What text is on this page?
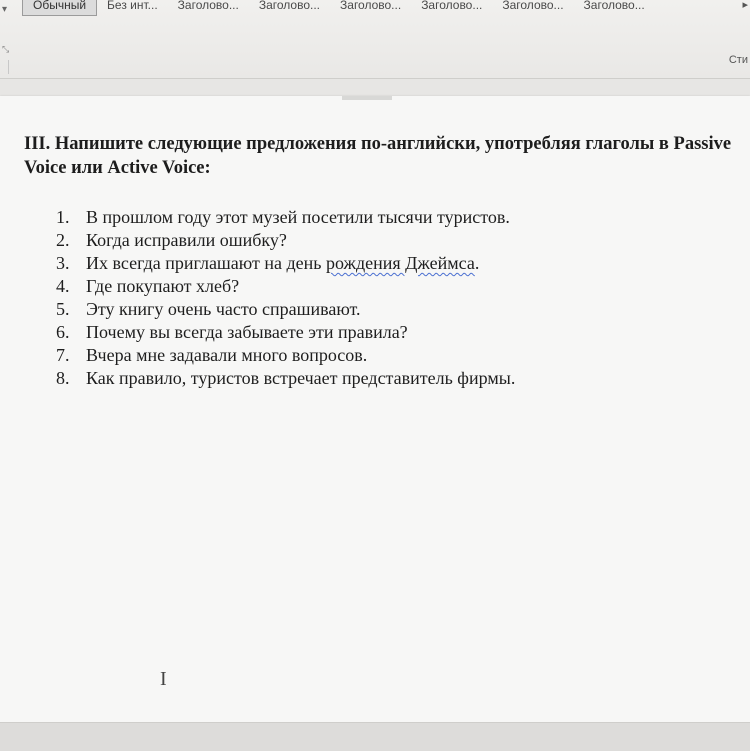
▾	Обычный	Без инт...	Заголово...	Заголово...	Заголово...	Заголово...	Заголово...	Заголово...	▸
⤡
Сти
III. Напишите следующие предложения по-английски, употребляя глаголы в Passive Voice или Active Voice:
1. В прошлом году этот музей посетили тысячи туристов.
2. Когда исправили ошибку?
3. Их всегда приглашают на день рождения Джеймса.
4. Где покупают хлеб?
5. Эту книгу очень часто спрашивают.
6. Почему вы всегда забываете эти правила?
7. Вчера мне задавали много вопросов.
8. Как правило, туристов встречает представитель фирмы.
I
